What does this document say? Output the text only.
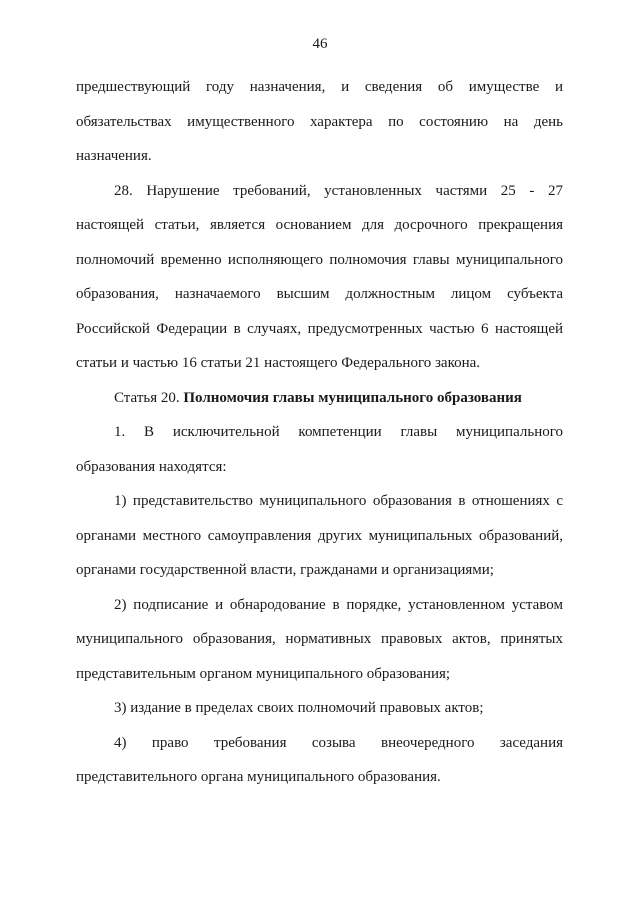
46

предшествующий году назначения, и сведения об имуществе и обязательствах имущественного характера по состоянию на день назначения.

28. Нарушение требований, установленных частями 25 - 27 настоящей статьи, является основанием для досрочного прекращения полномочий временно исполняющего полномочия главы муниципального образования, назначаемого высшим должностным лицом субъекта Российской Федерации в случаях, предусмотренных частью 6 настоящей статьи и частью 16 статьи 21 настоящего Федерального закона.

Статья 20. Полномочия главы муниципального образования

1. В исключительной компетенции главы муниципального образования находятся:

1) представительство муниципального образования в отношениях с органами местного самоуправления других муниципальных образований, органами государственной власти, гражданами и организациями;

2) подписание и обнародование в порядке, установленном уставом муниципального образования, нормативных правовых актов, принятых представительным органом муниципального образования;

3) издание в пределах своих полномочий правовых актов;

4) право требования созыва внеочередного заседания представительного органа муниципального образования.
